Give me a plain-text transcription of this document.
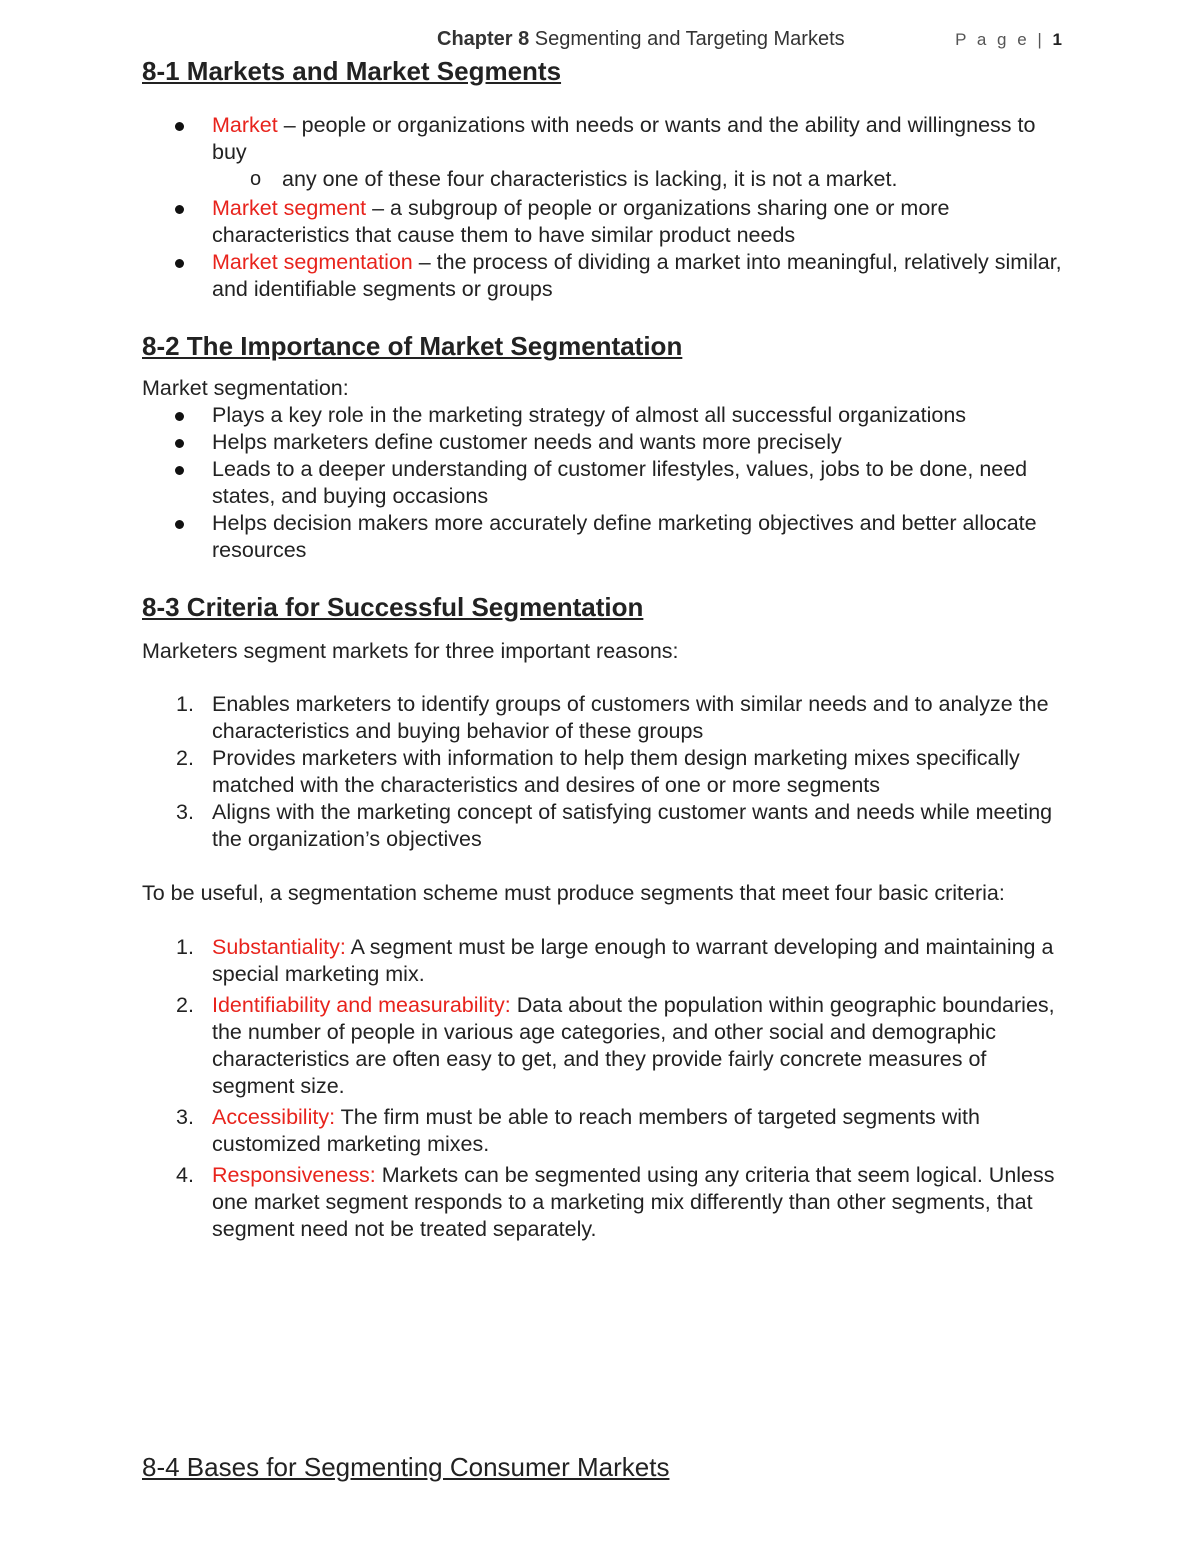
Chapter 8 Segmenting and Targeting Markets	P a g e | 1
8-1 Markets and Market Segments
Market – people or organizations with needs or wants and the ability and willingness to buy
o any one of these four characteristics is lacking, it is not a market.
Market segment – a subgroup of people or organizations sharing one or more characteristics that cause them to have similar product needs
Market segmentation – the process of dividing a market into meaningful, relatively similar, and identifiable segments or groups
8-2 The Importance of Market Segmentation

Market segmentation:

Plays a key role in the marketing strategy of almost all successful organizations
Helps marketers define customer needs and wants more precisely
Leads to a deeper understanding of customer lifestyles, values, jobs to be done, need states, and buying occasions
Helps decision makers more accurately define marketing objectives and better allocate resources
8-3 Criteria for Successful Segmentation

Marketers segment markets for three important reasons:

1. Enables marketers to identify groups of customers with similar needs and to analyze the characteristics and buying behavior of these groups
2. Provides marketers with information to help them design marketing mixes specifically matched with the characteristics and desires of one or more segments
3. Aligns with the marketing concept of satisfying customer wants and needs while meeting the organization’s objectives

To be useful, a segmentation scheme must produce segments that meet four basic criteria:

1. Substantiality: A segment must be large enough to warrant developing and maintaining a special marketing mix.
2. Identifiability and measurability: Data about the population within geographic boundaries, the number of people in various age categories, and other social and demographic characteristics are often easy to get, and they provide fairly concrete measures of segment size.
3. Accessibility: The firm must be able to reach members of targeted segments with customized marketing mixes.
4. Responsiveness: Markets can be segmented using any criteria that seem logical. Unless one market segment responds to a marketing mix differently than other segments, that segment need not be treated separately.
8-4 Bases for Segmenting Consumer Markets
